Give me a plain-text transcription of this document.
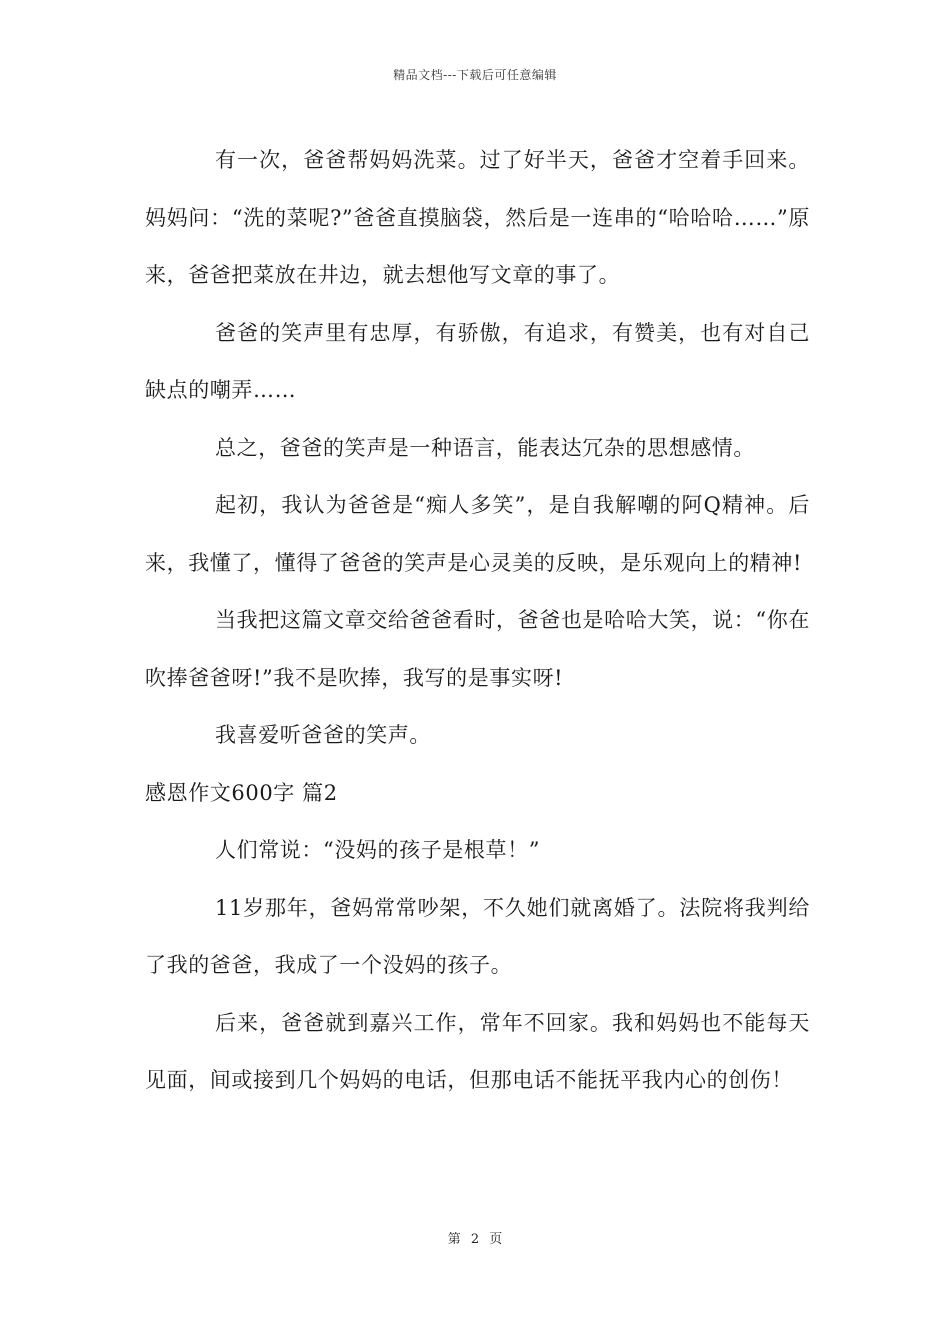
精品文档---下载后可任意编辑

有一次，爸爸帮妈妈洗菜。过了好半天，爸爸才空着手回来。妈妈问：“洗的菜呢?”爸爸直摸脑袋，然后是一连串的“哈哈哈……”原来，爸爸把菜放在井边，就去想他写文章的事了。

爸爸的笑声里有忠厚，有骄傲，有追求，有赞美，也有对自己缺点的嘲弄……

总之，爸爸的笑声是一种语言，能表达冗杂的思想感情。

起初，我认为爸爸是“痴人多笑”，是自我解嘲的阿Q精神。后来，我懂了，懂得了爸爸的笑声是心灵美的反映，是乐观向上的精神!

当我把这篇文章交给爸爸看时，爸爸也是哈哈大笑，说：“你在吹捧爸爸呀!”我不是吹捧，我写的是事实呀!

我喜爱听爸爸的笑声。

感恩作文600字 篇2

人们常说：“没妈的孩子是根草！”

11岁那年，爸妈常常吵架，不久她们就离婚了。法院将我判给了我的爸爸，我成了一个没妈的孩子。

后来，爸爸就到嘉兴工作，常年不回家。我和妈妈也不能每天见面，间或接到几个妈妈的电话，但那电话不能抚平我内心的创伤！

第 2 页
